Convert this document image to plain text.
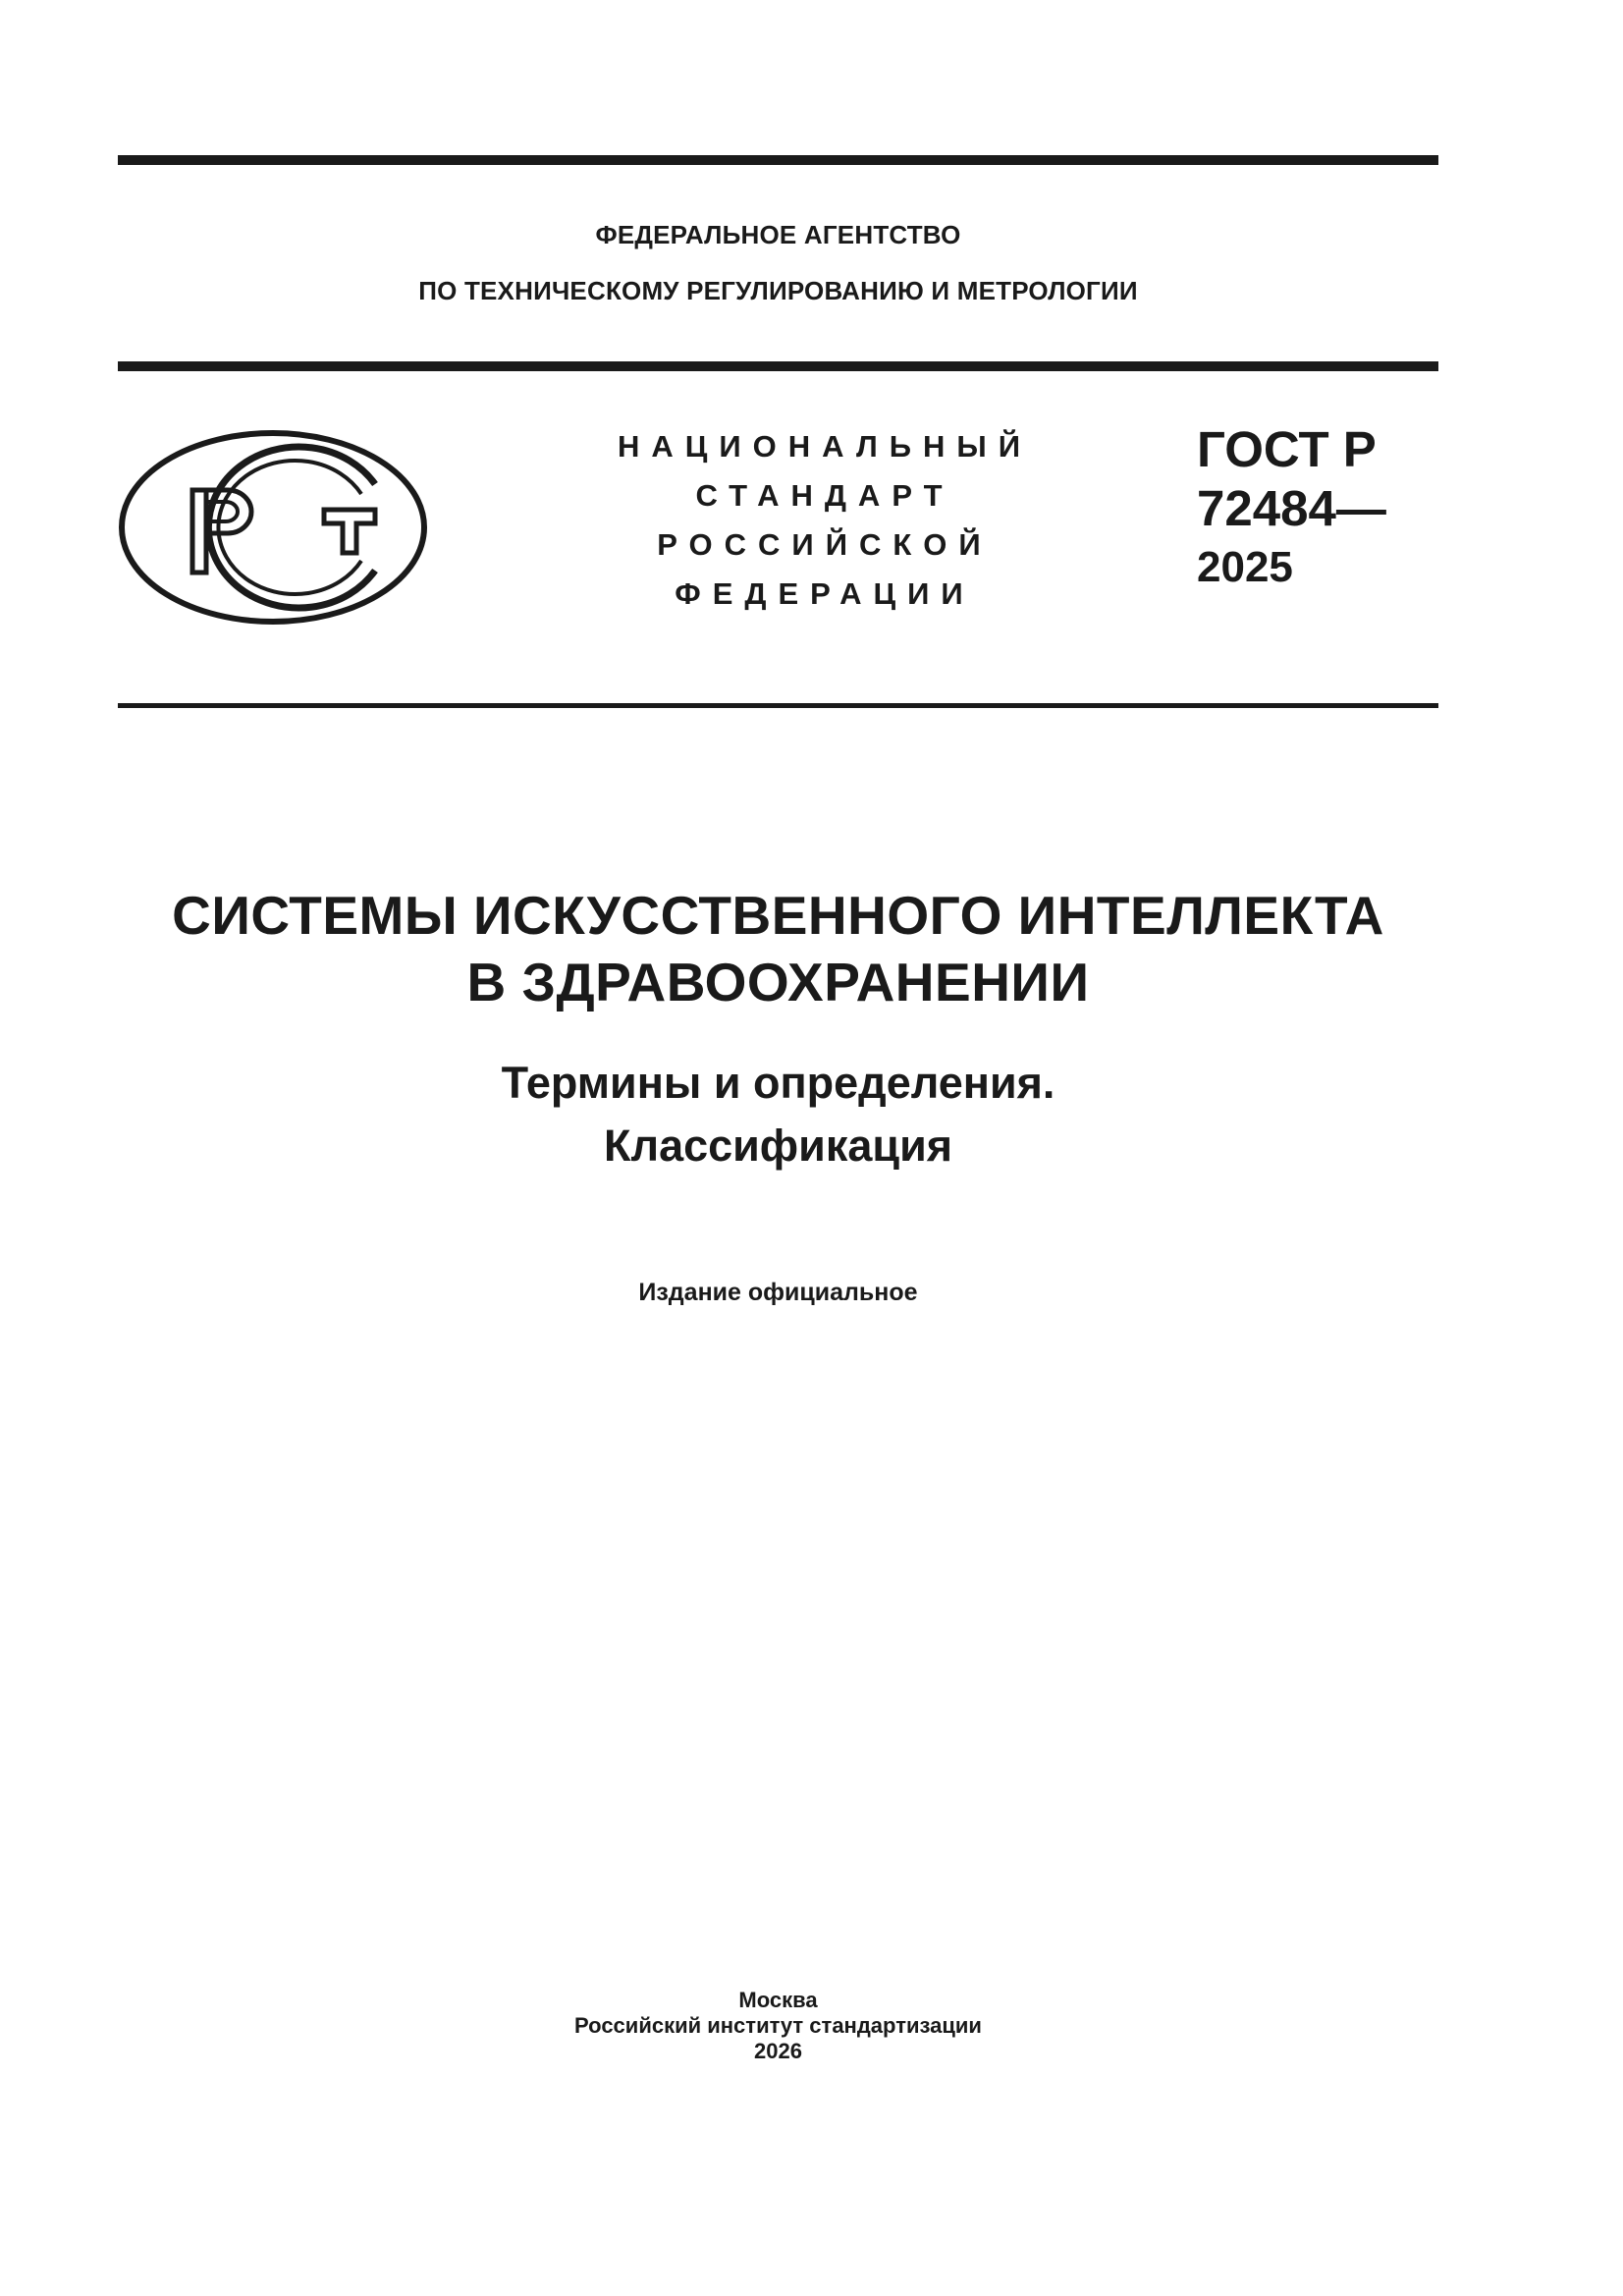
ФЕДЕРАЛЬНОЕ АГЕНТСТВО
ПО ТЕХНИЧЕСКОМУ РЕГУЛИРОВАНИЮ И МЕТРОЛОГИИ
НАЦИОНАЛЬНЫЙ
СТАНДАРТ
РОССИЙСКОЙ
ФЕДЕРАЦИИ
ГОСТ Р
72484—
2025
СИСТЕМЫ ИСКУССТВЕННОГО ИНТЕЛЛЕКТА
В ЗДРАВООХРАНЕНИИ
Термины и определения.
Классификация
Издание официальное
Москва
Российский институт стандартизации
2026
